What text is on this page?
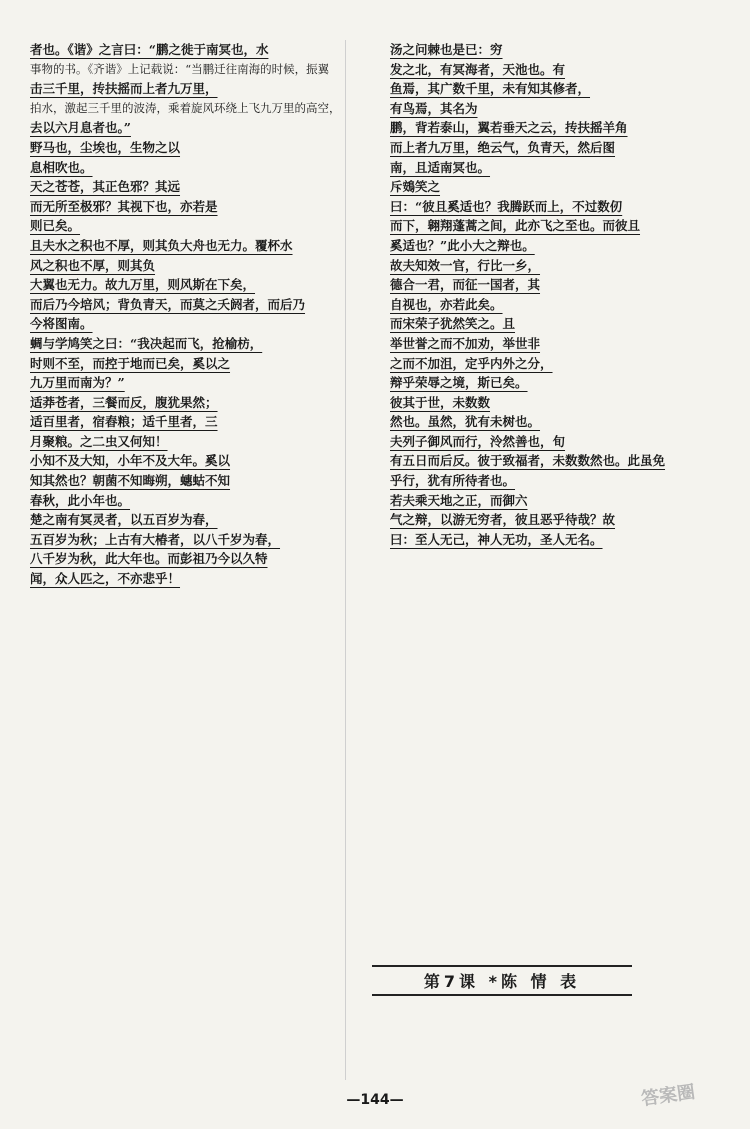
者也。《谐》之言曰：“鹏之徙于南冥也，水
事物的书。《齐谐》上记载说：“当鹏迁往南海的时候，振翼
击三千里，抟扶摇而上者九万里，
拍水，激起三千里的波涛，乘着旋风环绕上飞九万里的高空，
去以六月息者也。”
野马也，尘埃也，生物之以
息相吹也。
天之苍苍，其正色邪？其远
而无所至极邪？其视下也，亦若是
则已矣。
且夫水之积也不厚，则其负大舟也无力。覆杯水
风之积也不厚，则其负
大翼也无力。故九万里，则风斯在下矣，
而后乃今培风；背负青天，而莫之夭阏者，而后乃
今将图南。
蜩与学鸠笑之曰：“我决起而飞，抢榆枋，
时则不至，而控于地而已矣，奚以之
九万里而南为？”
适莽苍者，三餐而反，腹犹果然；
适百里者，宿舂粮；适千里者，三
月聚粮。之二虫又何知！
小知不及大知，小年不及大年。奚以
知其然也？朝菌不知晦朔，蟪蛄不知
春秋，此小年也。
楚之南有冥灵者，以五百岁为春，
五百岁为秋；上古有大椿者，以八千岁为春，
八千岁为秋，此大年也。而彭祖乃今以久特
闻，众人匹之，不亦悲乎！
汤之问棘也是已：穷
发之北，有冥海者，天池也。有
鱼焉，其广数千里，未有知其修者，
有鸟焉，其名为
鹏，背若泰山，翼若垂天之云，抟扶摇羊角
而上者九万里，绝云气，负青天，然后图
南，且适南冥也。
斥鴳笑之
曰：“彼且奚适也？我腾跃而上，不过数仞
而下，翱翔蓬蒿之间，此亦飞之至也。而彼且
奚适也？”此小大之辩也。
故夫知效一官，行比一乡，
德合一君，而征一国者，其
自视也，亦若此矣。
而宋荣子犹然笑之。且
举世誉之而不加劝，举世非
之而不加沮，定乎内外之分，
辩乎荣辱之境，斯已矣。
彼其于世，未数数
然也。虽然，犹有未树也。
夫列子御风而行，泠然善也，旬
有五日而后反。彼于致福者，未数数然也。此虽免
乎行，犹有所待者也。
若夫乘天地之正，而御六
气之辩，以游无穷者，彼且恶乎待哉？故
曰：至人无己，神人无功，圣人无名。
第7课 *陈 情 表
—144—	答案圈
